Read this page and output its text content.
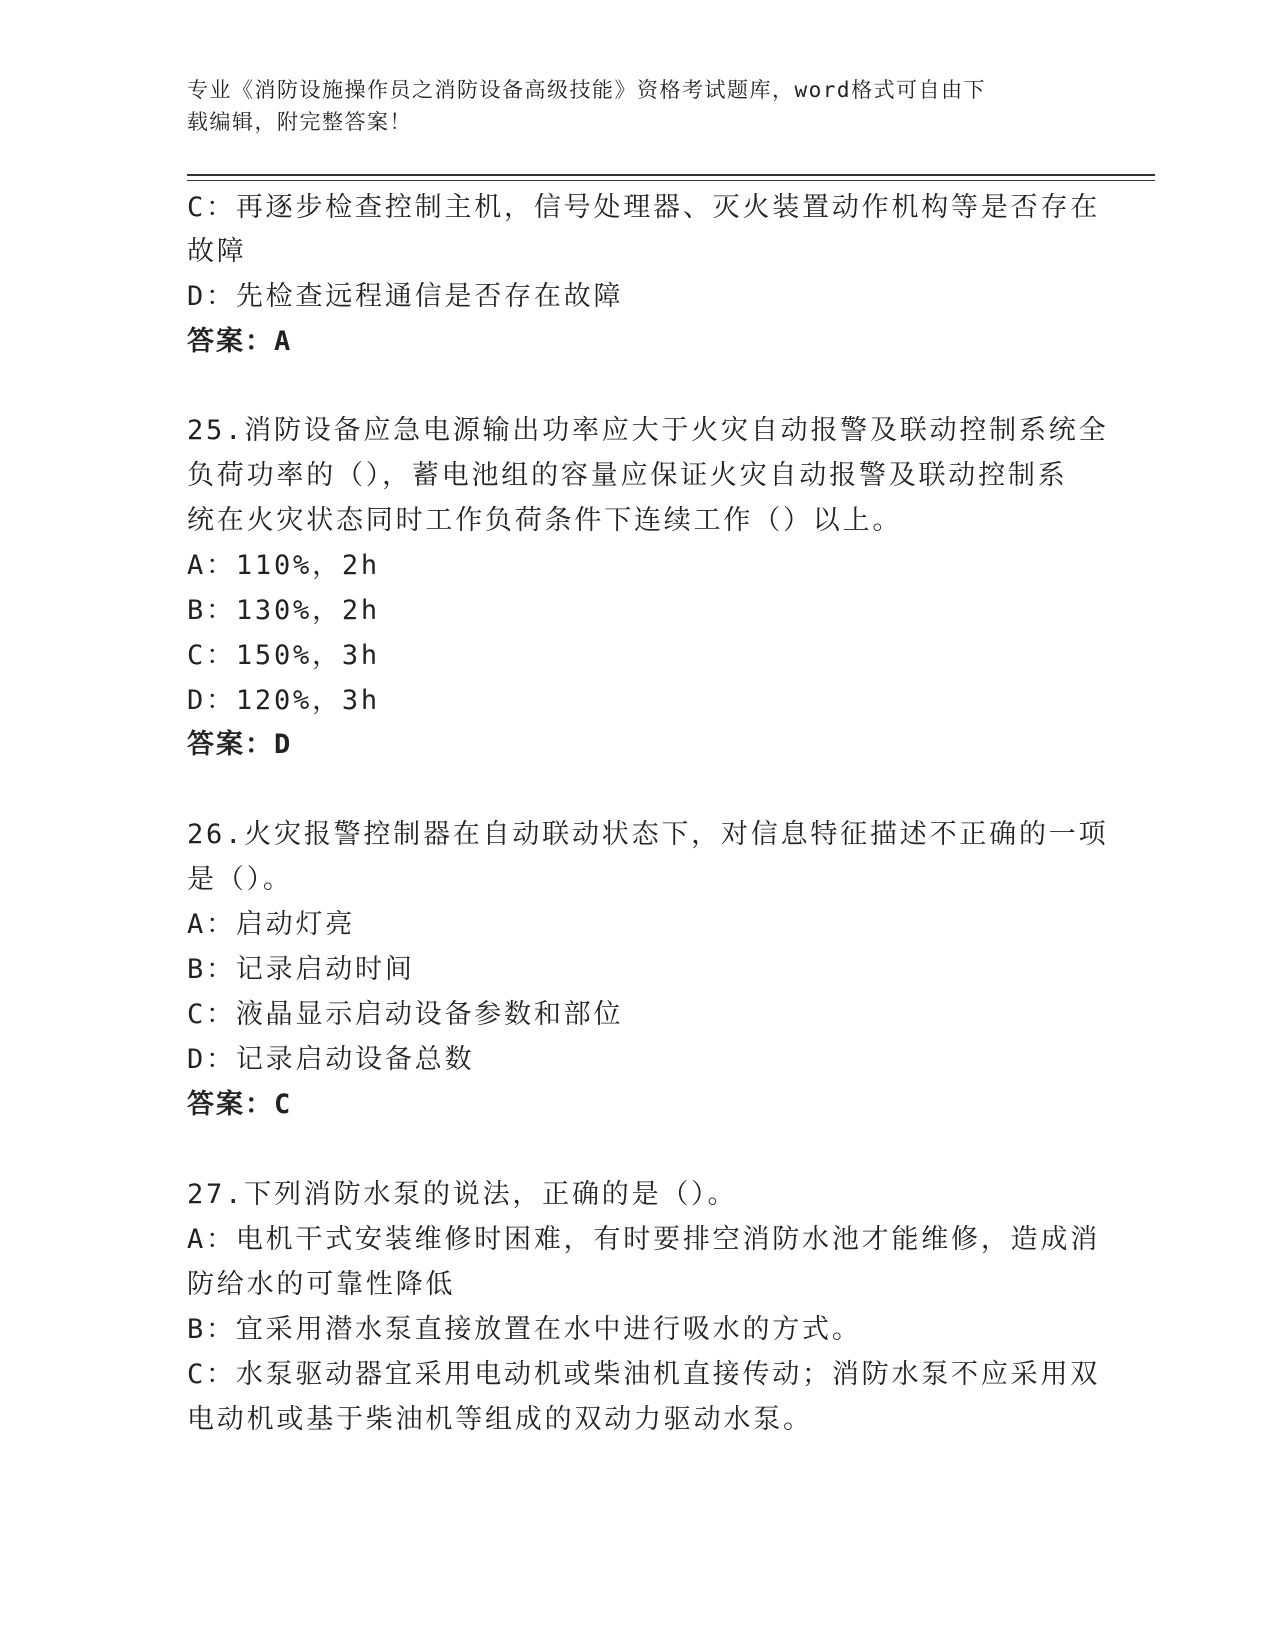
专业《消防设施操作员之消防设备高级技能》资格考试题库，word格式可自由下
载编辑，附完整答案！
C：再逐步检查控制主机，信号处理器、灭火装置动作机构等是否存在
故障
D：先检查远程通信是否存在故障
答案：A
25.消防设备应急电源输出功率应大于火灾自动报警及联动控制系统全
负荷功率的（），蓄电池组的容量应保证火灾自动报警及联动控制系
统在火灾状态同时工作负荷条件下连续工作（）以上。
A：110%，2h
B：130%，2h
C：150%，3h
D：120%，3h
答案：D
26.火灾报警控制器在自动联动状态下，对信息特征描述不正确的一项
是（）。
A：启动灯亮
B：记录启动时间
C：液晶显示启动设备参数和部位
D：记录启动设备总数
答案：C
27.下列消防水泵的说法，正确的是（）。
A：电机干式安装维修时困难，有时要排空消防水池才能维修，造成消
防给水的可靠性降低
B：宜采用潜水泵直接放置在水中进行吸水的方式。
C：水泵驱动器宜采用电动机或柴油机直接传动；消防水泵不应采用双
电动机或基于柴油机等组成的双动力驱动水泵。
